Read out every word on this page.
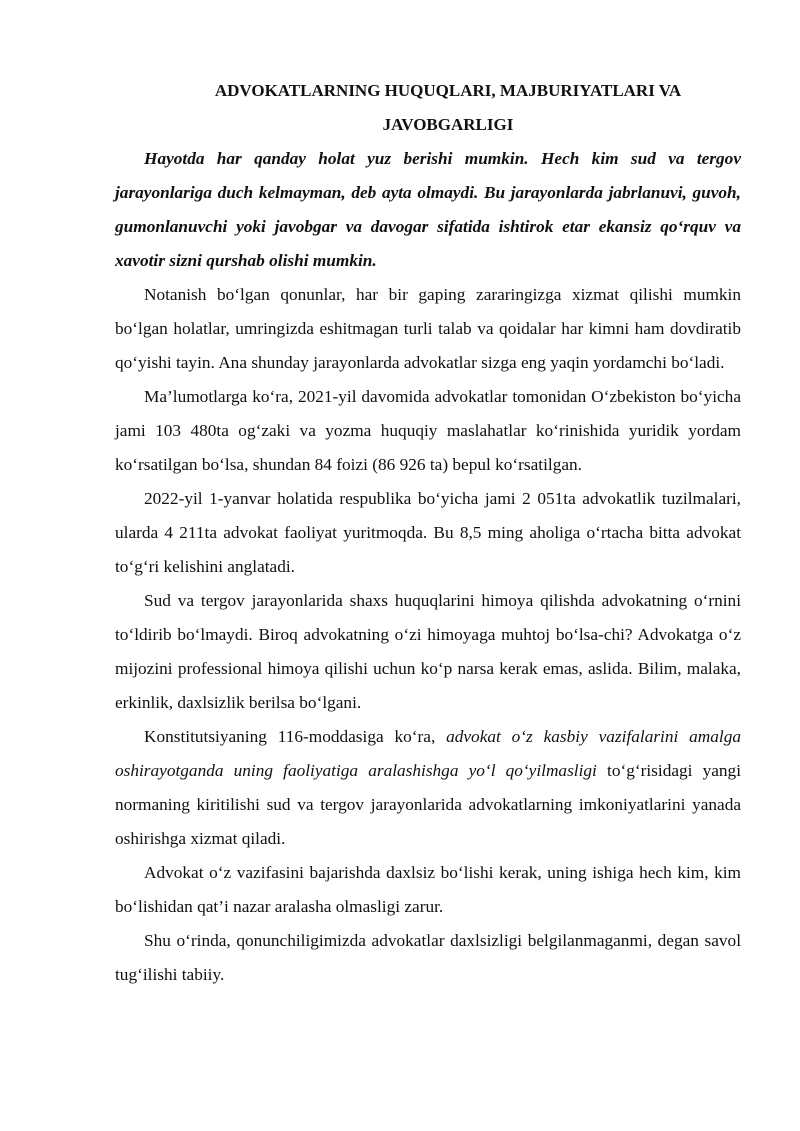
ADVOKATLARNING HUQUQLARI, MAJBURIYATLARI VA
JAVOBGARLIGI

Hayotda har qanday holat yuz berishi mumkin. Hech kim sud va tergov jarayonlariga duch kelmayman, deb ayta olmaydi. Bu jarayonlarda jabrlanuvi, guvoh, gumonlanuvchi yoki javobgar va davogar sifatida ishtirok etar ekansiz qo‘rquv va xavotir sizni qurshab olishi mumkin.

Notanish bo‘lgan qonunlar, har bir gaping zararingizga xizmat qilishi mumkin bo‘lgan holatlar, umringizda eshitmagan turli talab va qoidalar har kimni ham dovdiratib qo‘yishi tayin. Ana shunday jarayonlarda advokatlar sizga eng yaqin yordamchi bo‘ladi.

Ma’lumotlarga ko‘ra, 2021-yil davomida advokatlar tomonidan O‘zbekiston bo‘yicha jami 103 480ta og‘zaki va yozma huquqiy maslahatlar ko‘rinishida yuridik yordam ko‘rsatilgan bo‘lsa, shundan 84 foizi (86 926 ta) bepul ko‘rsatilgan.

2022-yil 1-yanvar holatida respublika bo‘yicha jami 2 051ta advokatlik tuzilmalari, ularda 4 211ta advokat faoliyat yuritmoqda. Bu 8,5 ming aholiga o‘rtacha bitta advokat to‘g‘ri kelishini anglatadi.

Sud va tergov jarayonlarida shaxs huquqlarini himoya qilishda advokatning o‘rnini to‘ldirib bo‘lmaydi. Biroq advokatning o‘zi himoyaga muhtoj bo‘lsa-chi? Advokatga o‘z mijozini professional himoya qilishi uchun ko‘p narsa kerak emas, aslida. Bilim, malaka, erkinlik, daxlsizlik berilsa bo‘lgani.

Konstitutsiyaning 116-moddasiga ko‘ra, advokat o‘z kasbiy vazifalarini amalga oshirayotganda uning faoliyatiga aralashishga yo‘l qo‘yilmasligi to‘g‘risidagi yangi normaning kiritilishi sud va tergov jarayonlarida advokatlarning imkoniyatlarini yanada oshirishga xizmat qiladi.

Advokat o‘z vazifasini bajarishda daxlsiz bo‘lishi kerak, uning ishiga hech kim, kim bo‘lishidan qat’i nazar aralasha olmasligi zarur.

Shu o‘rinda, qonunchiligimizda advokatlar daxlsizligi belgilanmaganmi, degan savol tug‘ilishi tabiiy.
